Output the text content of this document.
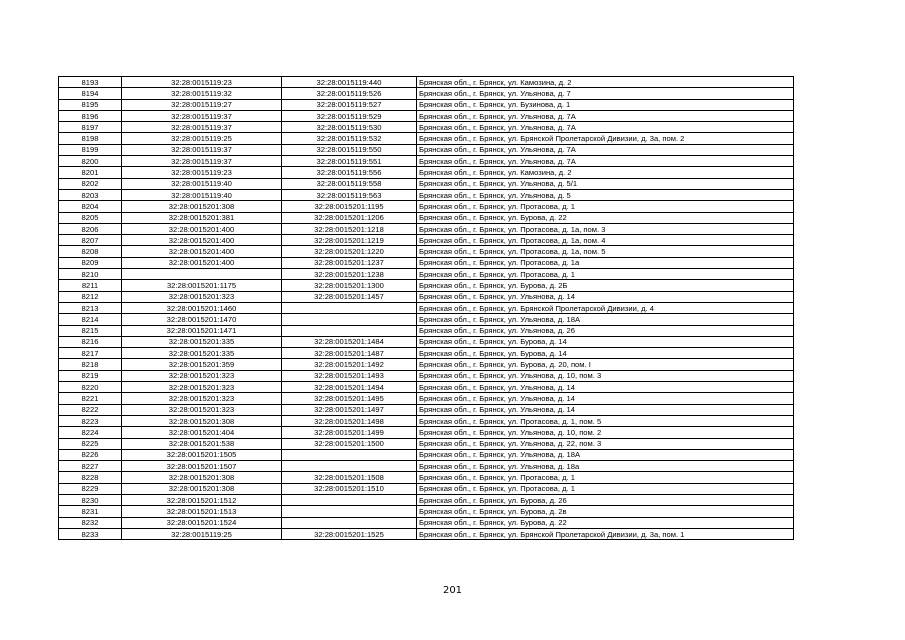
8193	32:28:0015119:23	32:28:0015119:440	Брянская обл., г. Брянск, ул. Камозина, д. 2
8194	32:28:0015119:32	32:28:0015119:526	Брянская обл., г. Брянск, ул. Ульянова, д. 7
8195	32:28:0015119:27	32:28:0015119:527	Брянская обл., г. Брянск, ул. Бузинова, д. 1
8196	32:28:0015119:37	32:28:0015119:529	Брянская обл., г. Брянск, ул. Ульянова, д. 7А
8197	32:28:0015119:37	32:28:0015119:530	Брянская обл., г. Брянск, ул. Ульянова, д. 7А
8198	32:28:0015119:25	32:28:0015119:532	Брянская обл., г. Брянск, ул. Брянской Пролетарской Дивизии, д. 3а, пом. 2
8199	32:28:0015119:37	32:28:0015119:550	Брянская обл., г. Брянск, ул. Ульянова, д. 7А
8200	32:28:0015119:37	32:28:0015119:551	Брянская обл., г. Брянск, ул. Ульянова, д. 7А
8201	32:28:0015119:23	32:28:0015119:556	Брянская обл., г. Брянск, ул. Камозина, д. 2
8202	32:28:0015119:40	32:28:0015119:558	Брянская обл., г. Брянск, ул. Ульянова, д. 5/1
8203	32:28:0015119:40	32:28:0015119:563	Брянская обл., г. Брянск, ул. Ульянова, д. 5
8204	32:28:0015201:308	32:28:0015201:1195	Брянская обл., г. Брянск, ул. Протасова, д. 1
8205	32:28:0015201:381	32:28:0015201:1206	Брянская обл., г. Брянск, ул. Бурова, д. 22
8206	32:28:0015201:400	32:28:0015201:1218	Брянская обл., г. Брянск, ул. Протасова, д. 1а, пом. 3
8207	32:28:0015201:400	32:28:0015201:1219	Брянская обл., г. Брянск, ул. Протасова, д. 1а, пом. 4
8208	32:28:0015201:400	32:28:0015201:1220	Брянская обл., г. Брянск, ул. Протасова, д. 1а, пом. 5
8209	32:28:0015201:400	32:28:0015201:1237	Брянская обл., г. Брянск, ул. Протасова, д. 1а
8210		32:28:0015201:1238	Брянская обл., г. Брянск, ул. Протасова, д. 1
8211	32:28:0015201:1175	32:28:0015201:1300	Брянская обл., г. Брянск, ул. Бурова, д. 2Б
8212	32:28:0015201:323	32:28:0015201:1457	Брянская обл., г. Брянск, ул. Ульянова, д. 14
8213	32:28:0015201:1460		Брянская обл., г. Брянск, ул. Брянской Пролетарской Дивизии, д. 4
8214	32:28:0015201:1470		Брянская обл., г. Брянск, ул. Ульянова, д. 18А
8215	32:28:0015201:1471		Брянская обл., г. Брянск, ул. Ульянова, д. 26
8216	32:28:0015201:335	32:28:0015201:1484	Брянская обл., г. Брянск, ул. Бурова, д. 14
8217	32:28:0015201:335	32:28:0015201:1487	Брянская обл., г. Брянск, ул. Бурова, д. 14
8218	32:28:0015201:359	32:28:0015201:1492	Брянская обл., г. Брянск, ул. Бурова, д. 20, пом. I
8219	32:28:0015201:323	32:28:0015201:1493	Брянская обл., г. Брянск, ул. Ульянова, д. 10, пом. 3
8220	32:28:0015201:323	32:28:0015201:1494	Брянская обл., г. Брянск, ул. Ульянова, д. 14
8221	32:28:0015201:323	32:28:0015201:1495	Брянская обл., г. Брянск, ул. Ульянова, д. 14
8222	32:28:0015201:323	32:28:0015201:1497	Брянская обл., г. Брянск, ул. Ульянова, д. 14
8223	32:28:0015201:308	32:28:0015201:1498	Брянская обл., г. Брянск, ул. Протасова, д. 1, пом. 5
8224	32:28:0015201:404	32:28:0015201:1499	Брянская обл., г. Брянск, ул. Ульянова, д. 10, пом. 2
8225	32:28:0015201:538	32:28:0015201:1500	Брянская обл., г. Брянск, ул. Ульянова, д. 22, пом. 3
8226	32:28:0015201:1505		Брянская обл., г. Брянск, ул. Ульянова, д. 18А
8227	32:28:0015201:1507		Брянская обл., г. Брянск, ул. Ульянова, д. 18а
8228	32:28:0015201:308	32:28:0015201:1508	Брянская обл., г. Брянск, ул. Протасова, д. 1
8229	32:28:0015201:308	32:28:0015201:1510	Брянская обл., г. Брянск, ул. Протасова, д. 1
8230	32:28:0015201:1512		Брянская обл., г. Брянск, ул. Бурова, д. 26
8231	32:28:0015201:1513		Брянская обл., г. Брянск, ул. Бурова, д. 2в
8232	32:28:0015201:1524		Брянская обл., г. Брянск, ул. Бурова, д. 22
8233	32:28:0015119:25	32:28:0015201:1525	Брянская обл., г. Брянск, ул. Брянской Пролетарской Дивизии, д. 3а, пом. 1
201
